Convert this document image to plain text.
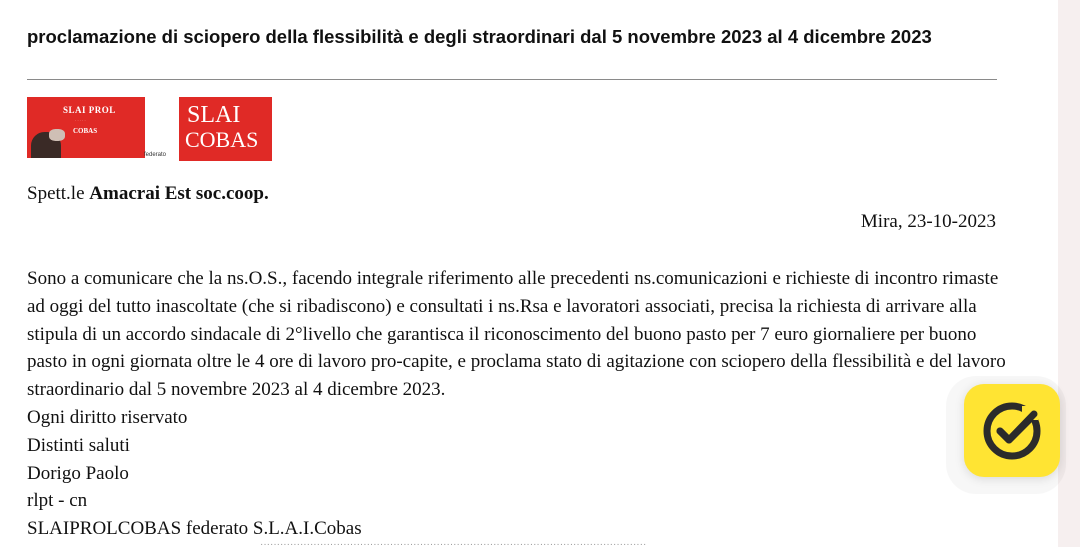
proclamazione di sciopero della flessibilità e degli straordinari dal 5 novembre 2023 al 4 dicembre 2023
SLAI PROL
· · · · ·
COBAS
federato
SLAI
COBAS
Spett.le Amacrai Est soc.coop.
Mira, 23-10-2023

Sono a comunicare che la ns.O.S., facendo integrale riferimento alle precedenti ns.comunicazioni e richieste di incontro rimaste ad oggi del tutto inascoltate (che si ribadiscono) e consultati i ns.Rsa e lavoratori associati, precisa la richiesta di arrivare alla stipula di un accordo sindacale di 2°livello che garantisca il riconoscimento del buono pasto per 7 euro giornaliere per buono pasto in ogni giornata oltre le 4 ore di lavoro pro-capite, e proclama stato di agitazione con sciopero della flessibilità e del lavoro straordinario dal 5 novembre 2023 al 4 dicembre 2023.

Ogni diritto riservato

Distinti saluti

Dorigo Paolo

rlpt - cn

SLAIPROLCOBAS federato S.L.A.I.Cobas

····················································································································
